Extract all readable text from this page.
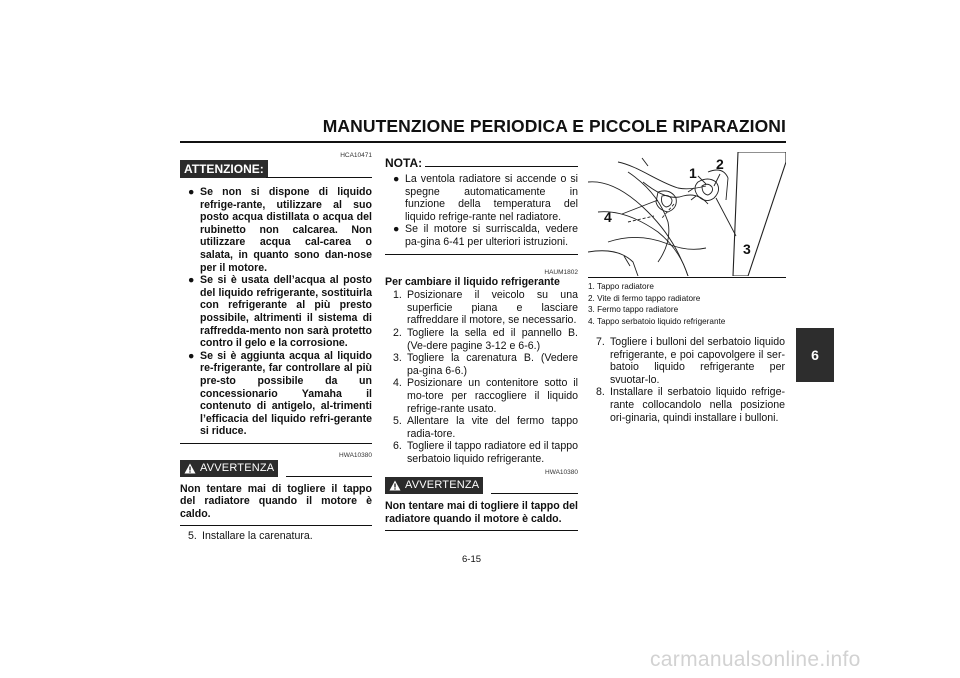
MANUTENZIONE PERIODICA E PICCOLE RIPARAZIONI
6
HCA10471
ATTENZIONE:
● Se non si dispone di liquido refrige-rante, utilizzare al suo posto acqua distillata o acqua del rubinetto non calcarea. Non utilizzare acqua cal-carea o salata, in quanto sono dan-nose per il motore.
● Se si è usata dell’acqua al posto del liquido refrigerante, sostituirla con refrigerante al più presto possibile, altrimenti il sistema di raffredda-mento non sarà protetto contro il gelo e la corrosione.
● Se si è aggiunta acqua al liquido re-frigerante, far controllare al più pre-sto possibile da un concessionario Yamaha il contenuto di antigelo, al-trimenti l’efficacia del liquido refri-gerante si riduce.
HWA10380
AVVERTENZA
Non tentare mai di togliere il tappo del radiatore quando il motore è caldo.
5. Installare la carenatura.
NOTA:
● La ventola radiatore si accende o si spegne automaticamente in funzione della temperatura del liquido refrige-rante nel radiatore.
● Se il motore si surriscalda, vedere pa-gina 6-41 per ulteriori istruzioni.
HAUM1802
Per cambiare il liquido refrigerante
1. Posizionare il veicolo su una superficie piana e lasciare raffreddare il motore, se necessario.
2. Togliere la sella ed il pannello B. (Ve-dere pagine 3-12 e 6-6.)
3. Togliere la carenatura B. (Vedere pa-gina 6-6.)
4. Posizionare un contenitore sotto il mo-tore per raccogliere il liquido refrige-rante usato.
5. Allentare la vite del fermo tappo radia-tore.
6. Togliere il tappo radiatore ed il tappo serbatoio liquido refrigerante.
HWA10380
AVVERTENZA
Non tentare mai di togliere il tappo del radiatore quando il motore è caldo.
1
2
3
4
1. Tappo radiatore
2. Vite di fermo tappo radiatore
3. Fermo tappo radiatore
4. Tappo serbatoio liquido refrigerante
7. Togliere i bulloni del serbatoio liquido refrigerante, e poi capovolgere il ser-batoio liquido refrigerante per svuotar-lo.
8. Installare il serbatoio liquido refrige-rante collocandolo nella posizione ori-ginaria, quindi installare i bulloni.
6-15
carmanualsonline.info
